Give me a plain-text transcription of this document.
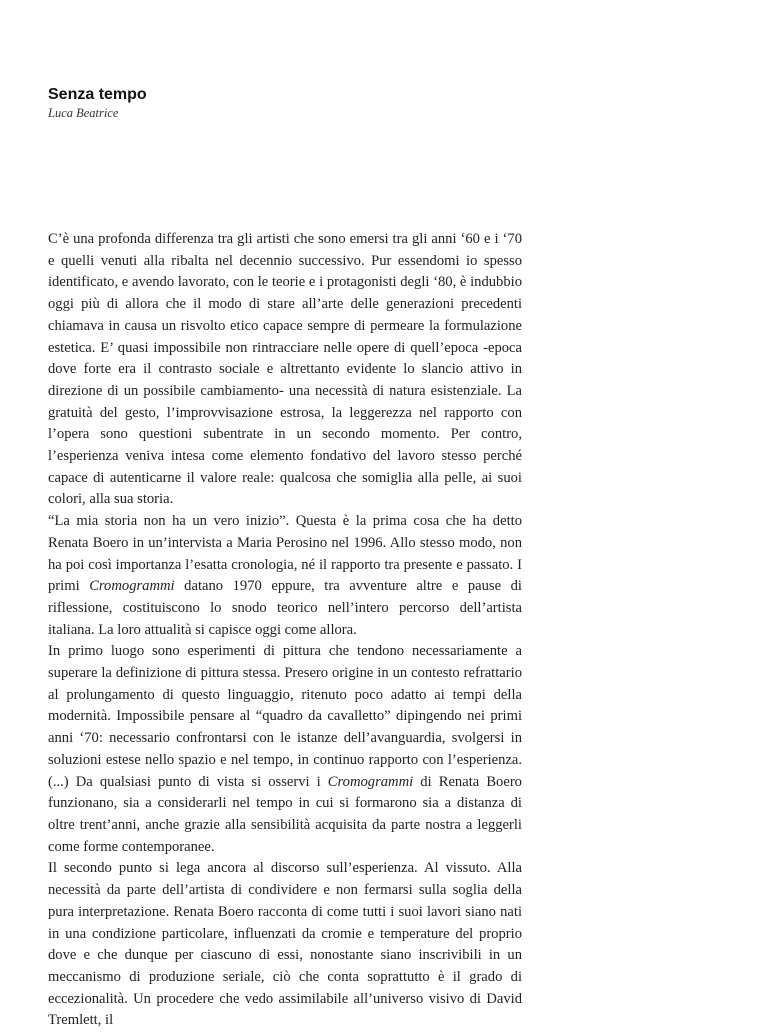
Senza tempo
Luca Beatrice
C’è una profonda differenza tra gli artisti che sono emersi tra gli anni ‘60 e i ‘70 e quelli venuti alla ribalta nel decennio successivo. Pur essendomi io spesso identificato, e avendo lavorato, con le teorie e i protagonisti degli ‘80, è indubbio oggi più di allora che il modo di stare all’arte delle generazioni precedenti chiamava in causa un risvolto etico capace sempre di permeare la formulazione estetica. E’ quasi impossibile non rintracciare nelle opere di quell’epoca -epoca dove forte era il contrasto sociale e altrettanto evidente lo slancio attivo in direzione di un possibile cambiamento- una necessità di natura esistenziale. La gratuità del gesto, l’improvvisazione estrosa, la leggerezza nel rapporto con l’opera sono questioni subentrate in un secondo momento. Per contro, l’esperienza veniva intesa come elemento fondativo del lavoro stesso perché capace di autenticarne il valore reale: qualcosa che somiglia alla pelle, ai suoi colori, alla sua storia.
“La mia storia non ha un vero inizio”. Questa è la prima cosa che ha detto Renata Boero in un’intervista a Maria Perosino nel 1996. Allo stesso modo, non ha poi così importanza l’esatta cronologia, né il rapporto tra presente e passato. I primi Cromogrammi datano 1970 eppure, tra avventure altre e pause di riflessione, costituiscono lo snodo teorico nell’intero percorso dell’artista italiana. La loro attualità si capisce oggi come allora.
In primo luogo sono esperimenti di pittura che tendono necessariamente a superare la definizione di pittura stessa. Presero origine in un contesto refrattario al prolungamento di questo linguaggio, ritenuto poco adatto ai tempi della modernità. Impossibile pensare al “quadro da cavalletto” dipingendo nei primi anni ‘70: necessario confrontarsi con le istanze dell’avanguardia, svolgersi in soluzioni estese nello spazio e nel tempo, in continuo rapporto con l’esperienza. (...) Da qualsiasi punto di vista si osservi i Cromogrammi di Renata Boero funzionano, sia a considerarli nel tempo in cui si formarono sia a distanza di oltre trent’anni, anche grazie alla sensibilità acquisita da parte nostra a leggerli come forme contemporanee.
Il secondo punto si lega ancora al discorso sull’esperienza. Al vissuto. Alla necessità da parte dell’artista di condividere e non fermarsi sulla soglia della pura interpretazione. Renata Boero racconta di come tutti i suoi lavori siano nati in una condizione particolare, influenzati da cromie e temperature del proprio dove e che dunque per ciascuno di essi, nonostante siano inscrivibili in un meccanismo di produzione seriale, ciò che conta soprattutto è il grado di eccezionalità. Un procedere che vedo assimilabile all’universo visivo di David Tremlett, il
